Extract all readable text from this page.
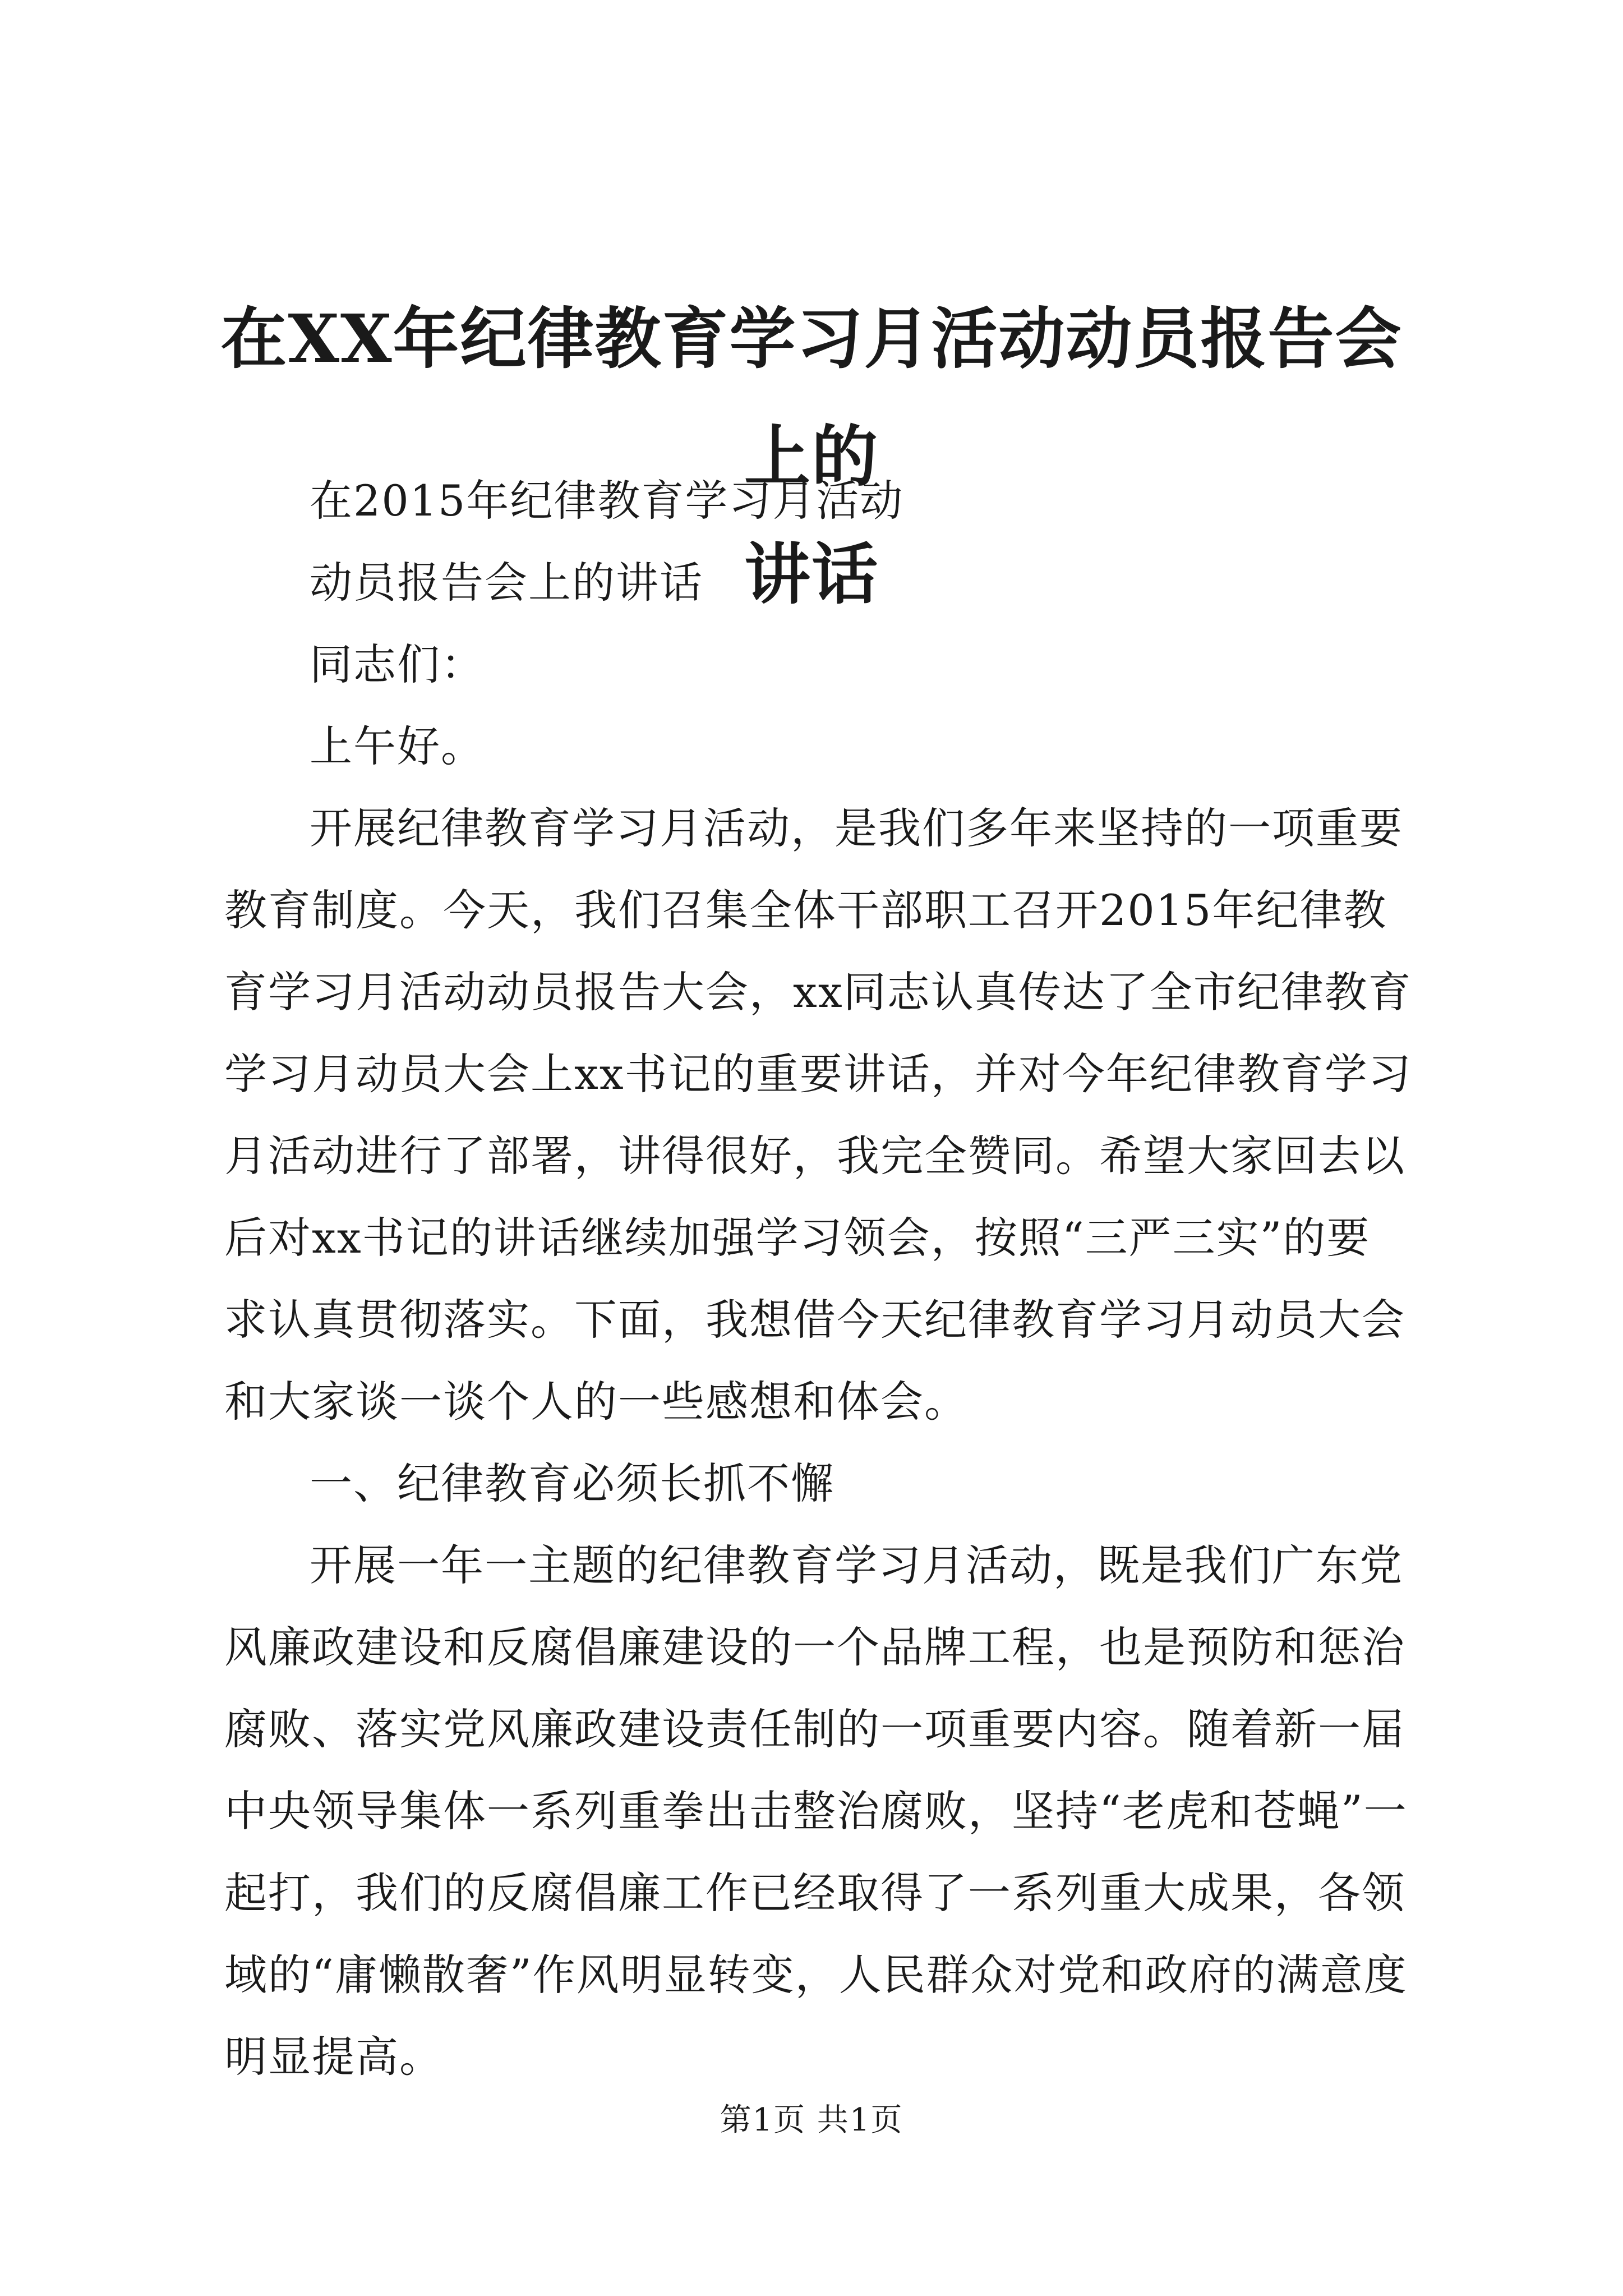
在XX年纪律教育学习月活动动员报告会上的
讲话

在2015年纪律教育学习月活动

动员报告会上的讲话

同志们：

上午好。

开展纪律教育学习月活动，是我们多年来坚持的一项重要教育制度。今天，我们召集全体干部职工召开2015年纪律教育学习月活动动员报告大会，xx同志认真传达了全市纪律教育学习月动员大会上xx书记的重要讲话，并对今年纪律教育学习月活动进行了部署，讲得很好，我完全赞同。希望大家回去以后对xx书记的讲话继续加强学习领会，按照“三严三实”的要求认真贯彻落实。下面，我想借今天纪律教育学习月动员大会和大家谈一谈个人的一些感想和体会。

一、纪律教育必须长抓不懈

开展一年一主题的纪律教育学习月活动，既是我们广东党风廉政建设和反腐倡廉建设的一个品牌工程，也是预防和惩治腐败、落实党风廉政建设责任制的一项重要内容。随着新一届中央领导集体一系列重拳出击整治腐败，坚持“老虎和苍蝇”一起打，我们的反腐倡廉工作已经取得了一系列重大成果，各领域的“庸懒散奢”作风明显转变，人民群众对党和政府的满意度明显提高。

第1页 共1页
